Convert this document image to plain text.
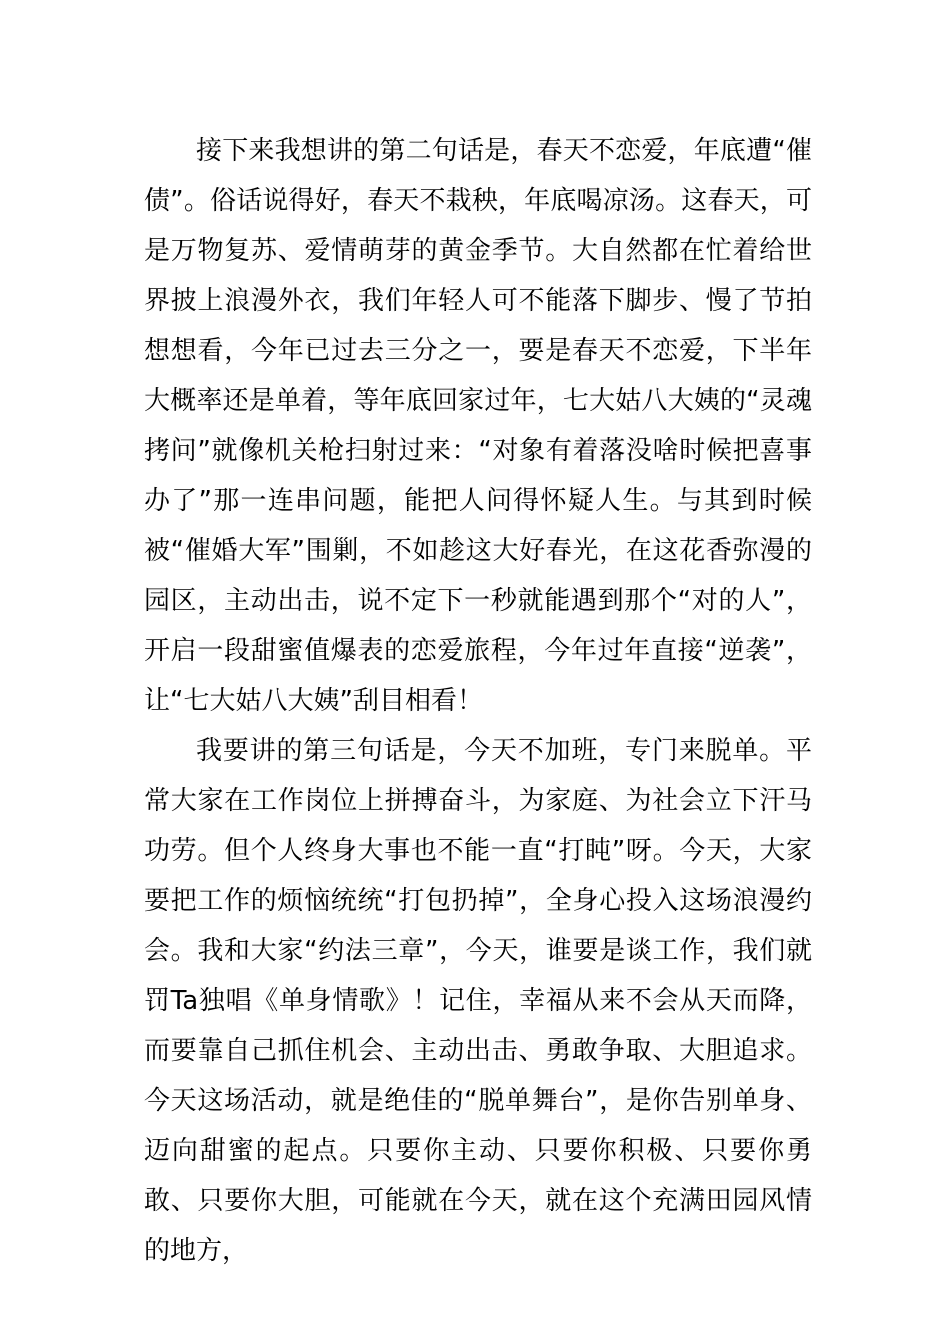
接下来我想讲的第二句话是，春天不恋爱，年底遭“催债”。俗话说得好，春天不栽秧，年底喝凉汤。这春天，可是万物复苏、爱情萌芽的黄金季节。大自然都在忙着给世界披上浪漫外衣，我们年轻人可不能落下脚步、慢了节拍想想看，今年已过去三分之一，要是春天不恋爱，下半年大概率还是单着，等年底回家过年，七大姑八大姨的“灵魂拷问”就像机关枪扫射过来：“对象有着落没啥时候把喜事办了”那一连串问题，能把人问得怀疑人生。与其到时候被“催婚大军”围剿，不如趁这大好春光，在这花香弥漫的园区，主动出击，说不定下一秒就能遇到那个“对的人”，开启一段甜蜜值爆表的恋爱旅程，今年过年直接“逆袭”，让“七大姑八大姨”刮目相看！

我要讲的第三句话是，今天不加班，专门来脱单。平常大家在工作岗位上拼搏奋斗，为家庭、为社会立下汗马功劳。但个人终身大事也不能一直“打盹”呀。今天，大家要把工作的烦恼统统“打包扔掉”，全身心投入这场浪漫约会。我和大家“约法三章”，今天，谁要是谈工作，我们就罚Ta独唱《单身情歌》！记住，幸福从来不会从天而降，而要靠自己抓住机会、主动出击、勇敢争取、大胆追求。今天这场活动，就是绝佳的“脱单舞台”，是你告别单身、迈向甜蜜的起点。只要你主动、只要你积极、只要你勇敢、只要你大胆，可能就在今天，就在这个充满田园风情的地方，
